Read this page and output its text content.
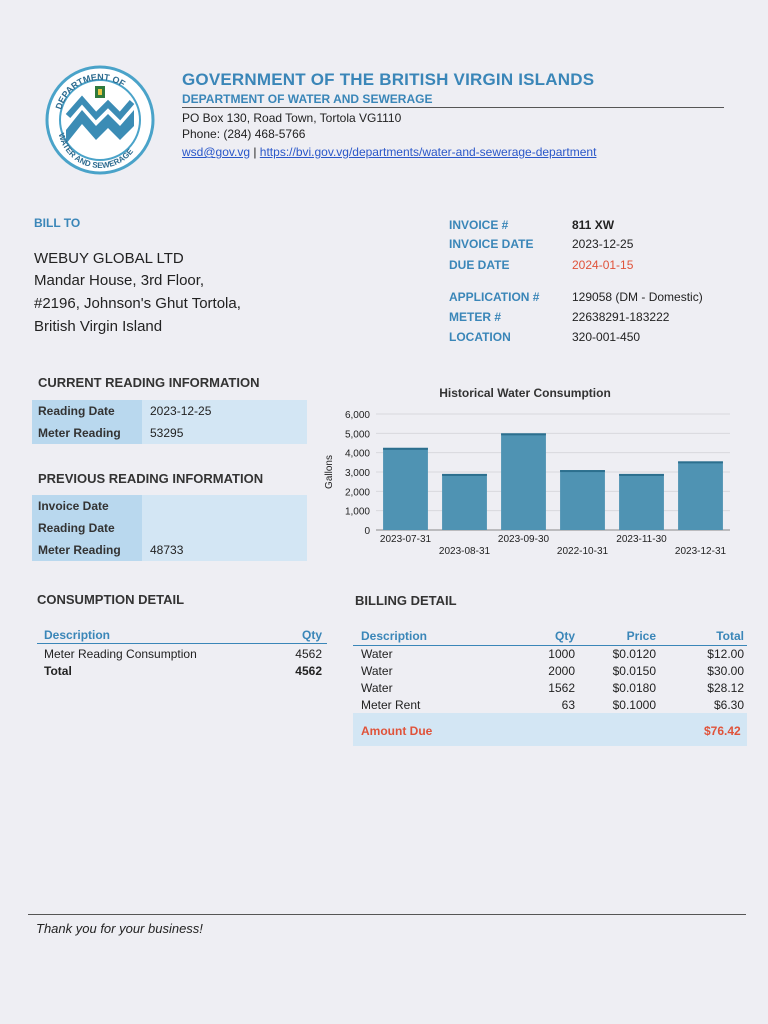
DEPARTMENT OF
WATER AND SEWERAGE
GOVERNMENT OF THE BRITISH VIRGIN ISLANDS
DEPARTMENT OF WATER AND SEWERAGE
PO Box 130, Road Town, Tortola VG1110
Phone: (284) 468-5766
wsd@gov.vg | https://bvi.gov.vg/departments/water-and-sewerage-department
BILL TO
WEBUY GLOBAL LTD
Mandar House, 3rd Floor,
#2196, Johnson's Ghut Tortola,
British Virgin Island
INVOICE #	811 XW
INVOICE DATE	2023-12-25
DUE DATE	2024-01-15
APPLICATION #	129058 (DM - Domestic)
METER #	22638291-183222
LOCATION	320-001-450
CURRENT READING INFORMATION
Reading Date	2023-12-25
Meter Reading	53295
PREVIOUS READING INFORMATION
Invoice Date
Reading Date
Meter Reading	48733
Historical Water Consumption
0
1,000
2,000
3,000
4,000
5,000
6,000
Gallons
2023-07-31
2023-08-31
2023-09-30
2022-10-31
2023-11-30
2023-12-31
CONSUMPTION DETAIL
Description	Qty
Meter Reading Consumption	4562
Total	4562
BILLING DETAIL
Description	Qty	Price	Total
Water	1000	$0.0120	$12.00
Water	2000	$0.0150	$30.00
Water	1562	$0.0180	$28.12
Meter Rent	63	$0.1000	$6.30
Amount Due	$76.42
Thank you for your business!
